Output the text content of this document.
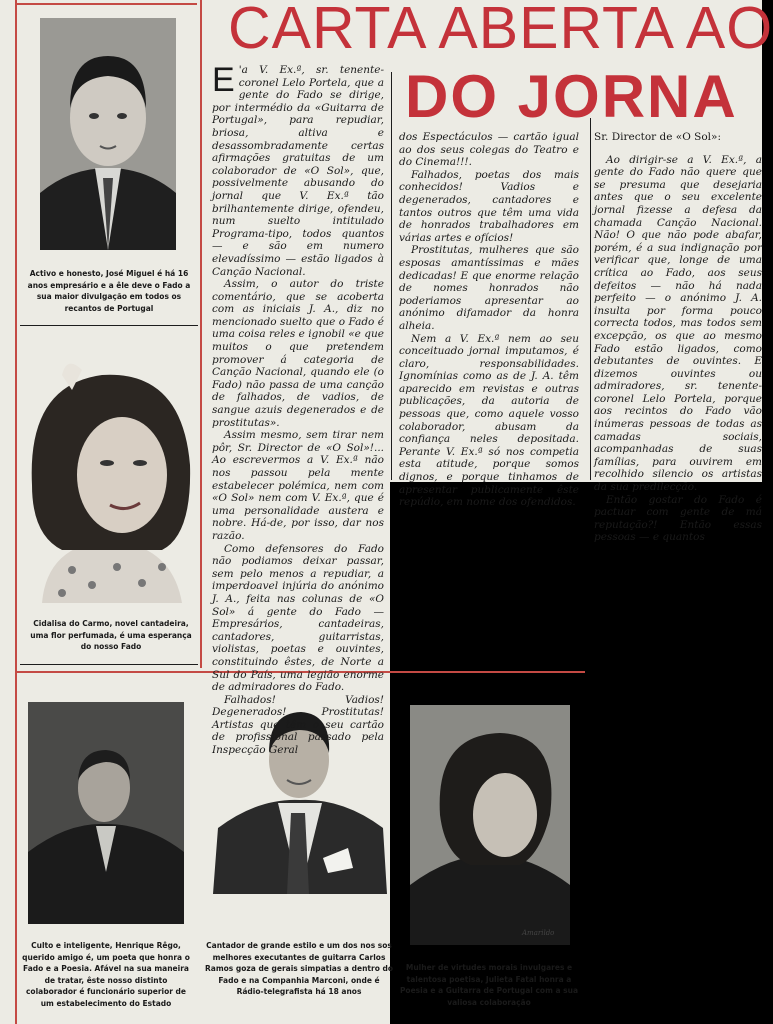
CARTA ABERTA AO
DO JORNA
Activo e honesto, José Miguel é há 16 anos empresário e a êle deve o Fado a sua maior divulgação em todos os recantos de Portugal
Cidalisa do Carmo, novel cantadeira, uma flor perfumada, é uma esperança do nosso Fado
Culto e inteligente, Henrique Rêgo, querido amigo é, um poeta que honra o Fado e a Poesia. Afável na sua maneira de tratar, êste nosso distinto colaborador é funcionário superior de um estabelecimento do Estado
Cantador de grande estilo e um dos nos sos melhores executantes de guitarra Carlos Ramos goza de gerais simpatias a dentro do Fado e na Companhia Marconi, onde é Rádio-telegrafista há 18 anos
Amarildo
Mulher de virtudes morais invulgares e talentosa poetisa, Julieta Fatal honra a Poesia e a Guitarra de Portugal com a sua valiosa colaboração

E 'a V. Ex.ª, sr. tenente-coronel Lelo Portela, que a gente do Fado se dirige, por intermédio da «Guitarra de Portugal», para repudiar, briosa, altiva e desassombradamente certas afirmações gratuitas de um colaborador de «O Sol», que, possivelmente abusando do jornal que V. Ex.ª tão brilhantemente dirige, ofendeu, num suelto intitulado Programa-tipo, todos quantos — e são em numero elevadíssimo — estão ligados à Canção Nacional.

Assim, o autor do triste comentário, que se acoberta com as iniciais J. A., diz no mencionado suelto que o Fado é uma coisa reles e ignobil «e que muitos o que pretendem promover á categoria de Canção Nacional, quando ele (o Fado) não passa de uma canção de falhados, de vadios, de sangue azuis degenerados e de prostitutas».

Assim mesmo, sem tirar nem pôr, Sr. Director de «O Sol»!... Ao escrevermos a V. Ex.ª não nos passou pela mente estabelecer polémica, nem com «O Sol» nem com V. Ex.ª, que é uma personalidade austera e nobre. Há-de, por isso, dar nos razão.

Como defensores do Fado não podiamos deixar passar, sem pelo menos a repudiar, a imperdoavel injúria do anónimo J. A., feita nas colunas de «O Sol» á gente do Fado — Empresários, cantadeiras, cantadores, guitarristas, violistas, poetas e ouvintes, constituindo êstes, de Norte a Sul do País, uma legião enorme de admiradores do Fado.

Falhados! Vadios! Degenerados! Prostitutas! Artistas que têm o seu cartão de profissional passado pela Inspecção Geral

dos Espectáculos — cartão igual ao dos seus colegas do Teatro e do Cinema!!!.

Falhados, poetas dos mais conhecidos! Vadios e degenerados, cantadores e tantos outros que têm uma vida de honrados trabalhadores em várias artes e ofícios!

Prostitutas, mulheres que são esposas amantíssimas e mães dedicadas! E que enorme relação de nomes honrados não poderiamos apresentar ao anónimo difamador da honra alheia.

Nem a V. Ex.ª nem ao seu conceituado jornal imputamos, é claro, responsabilidades. Ignomínias como as de J. A. têm aparecido em revistas e outras publicações, da autoria de pessoas que, como aquele vosso colaborador, abusam da confiança neles depositada. Perante V. Ex.ª só nos competia esta atitude, porque somos dignos, e porque tinhamos de apresentar publicamente êste repúdio, em nome dos ofendidos.

Sr. Director de «O Sol»:

Ao dirigir-se a V. Ex.ª, a gente do Fado não quere que se presuma que desejaria antes que o seu excelente jornal fizesse a defesa da chamada Canção Nacional. Não! O que não pode abafar, porém, é a sua indignação por verificar que, longe de uma crítica ao Fado, aos seus defeitos — não há nada perfeito — o anónimo J. A. insulta por forma pouco correcta todos, mas todos sem excepção, os que ao mesmo Fado estão ligados, como debutantes de ouvintes. E dizemos ouvintes ou admiradores, sr. tenente-coronel Lelo Portela, porque aos recintos do Fado vão inúmeras pessoas de todas as camadas sociais, acompanhadas de suas famílias, para ouvirem em recolhido silencio os artistas da sua predilecção.

Então gostar do Fado é pactuar com gente de má reputação?! Então essas pessoas — e quantos
